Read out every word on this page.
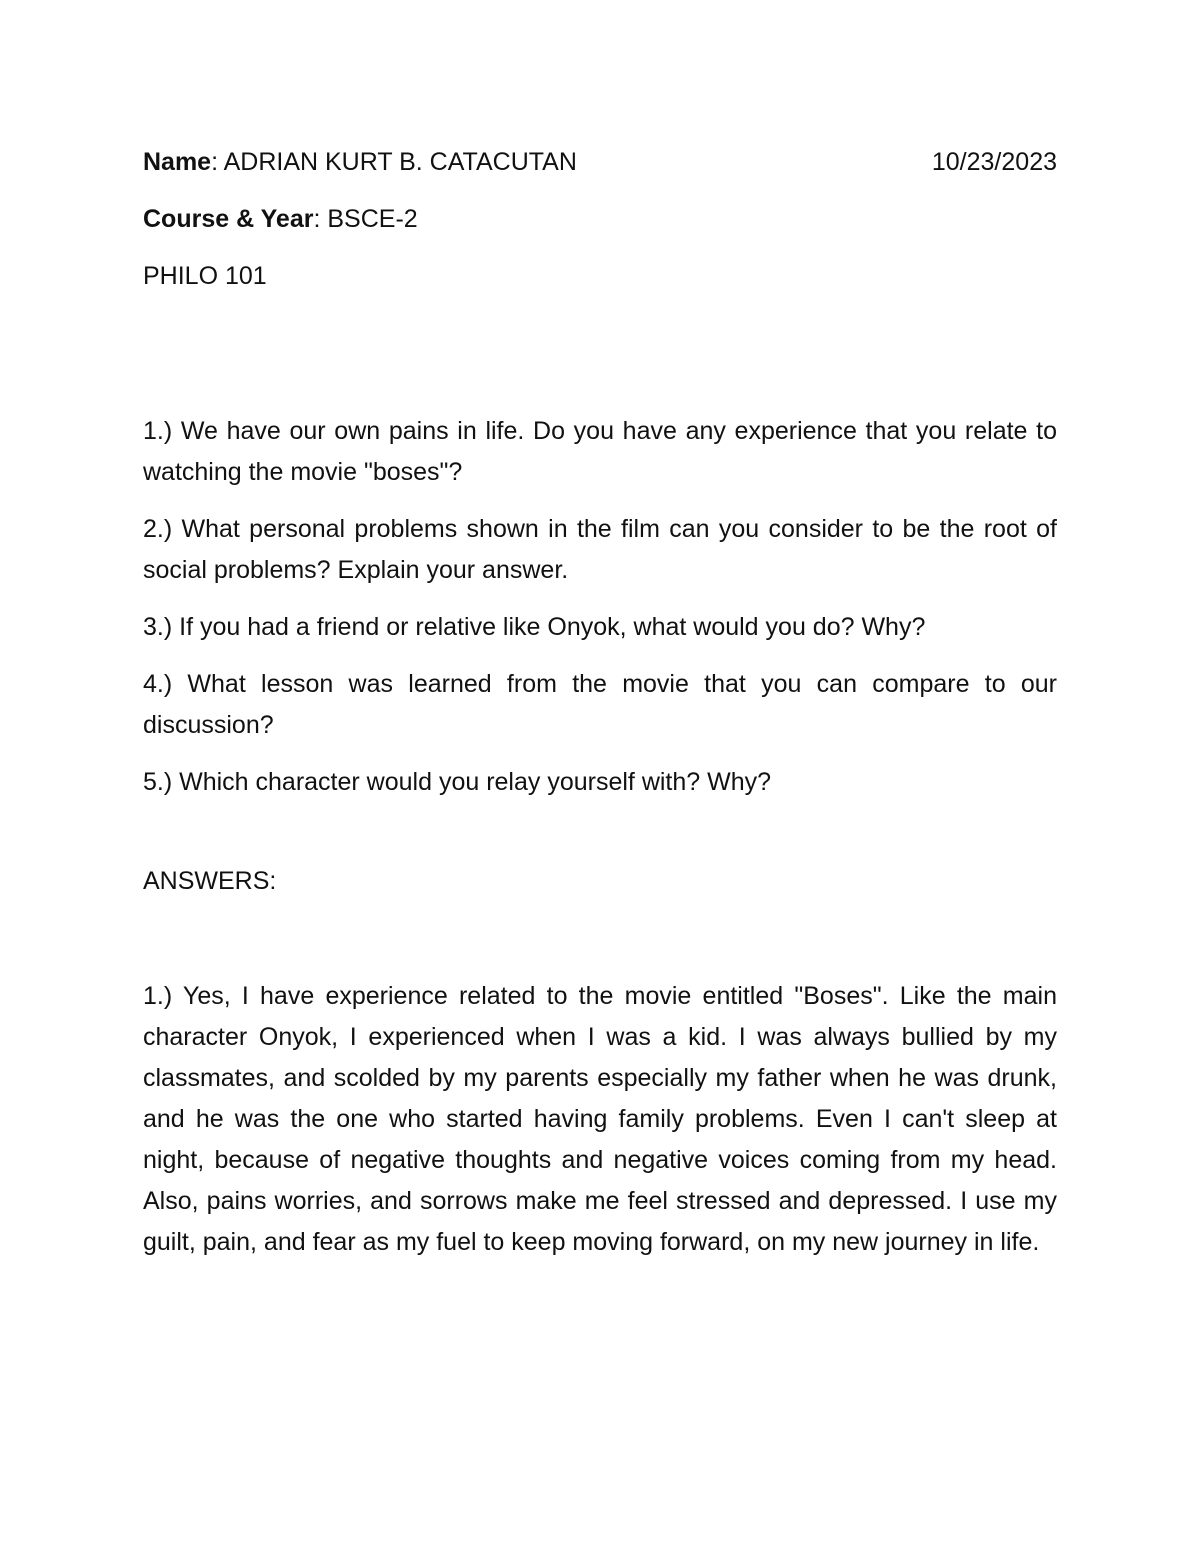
Name: ADRIAN KURT B. CATACUTAN	10/23/2023

Course & Year: BSCE-2

PHILO 101

1.) We have our own pains in life. Do you have any experience that you relate to watching the movie "boses"?

2.) What personal problems shown in the film can you consider to be the root of social problems? Explain your answer.

3.) If you had a friend or relative like Onyok, what would you do? Why?

4.) What lesson was learned from the movie that you can compare to our discussion?

5.) Which character would you relay yourself with? Why?

ANSWERS:

1.) Yes, I have experience related to the movie entitled "Boses". Like the main character Onyok, I experienced when I was a kid. I was always bullied by my classmates, and scolded by my parents especially my father when he was drunk, and he was the one who started having family problems. Even I can't sleep at night, because of negative thoughts and negative voices coming from my head. Also, pains worries, and sorrows make me feel stressed and depressed. I use my guilt, pain, and fear as my fuel to keep moving forward, on my new journey in life.
